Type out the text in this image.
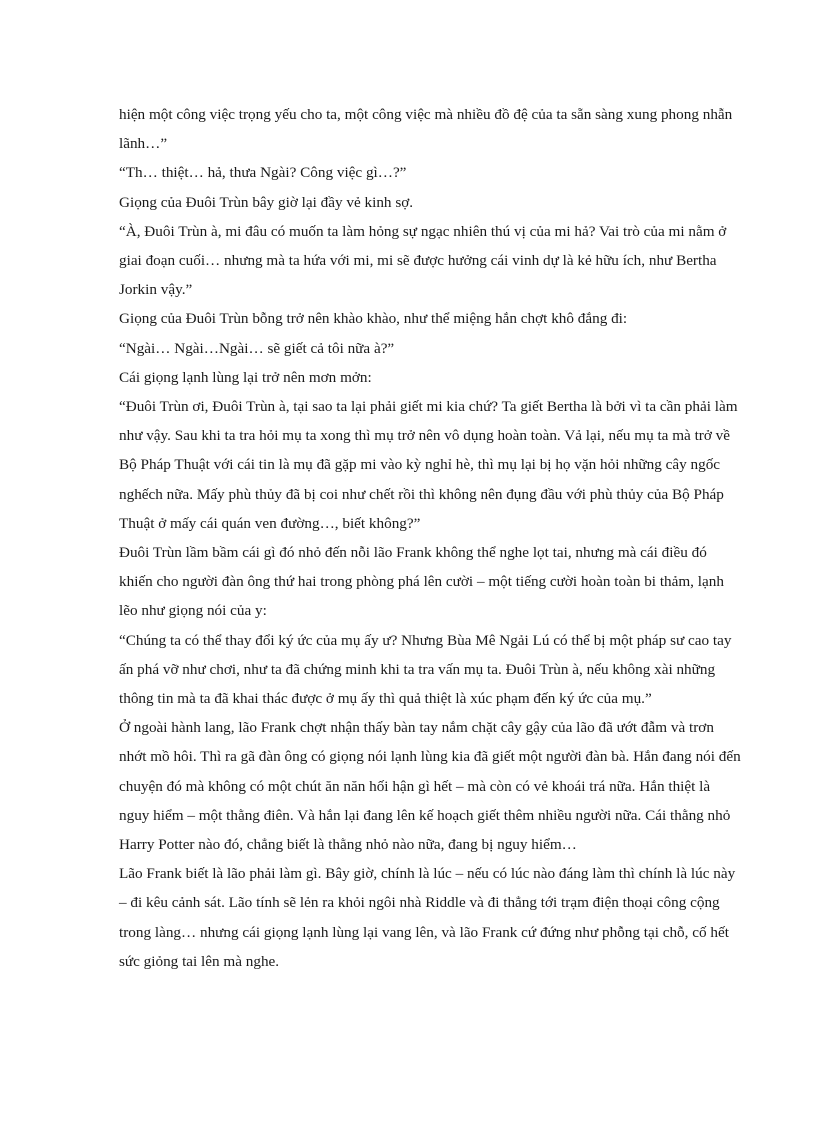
hiện một công việc trọng yếu cho ta, một công việc mà nhiều đồ đệ của ta sẵn sàng xung phong nhẫn lãnh…”

“Th… thiệt… hả, thưa Ngài? Công việc gì…?”

Giọng của Đuôi Trùn bây giờ lại đầy vẻ kinh sợ.

“À, Đuôi Trùn à, mi đâu có muốn ta làm hỏng sự ngạc nhiên thú vị của mi hả? Vai trò của mi nằm ở giai đoạn cuối… nhưng mà ta hứa với mi, mi sẽ được hưởng cái vinh dự là kẻ hữu ích, như Bertha Jorkin vậy.”

Giọng của Đuôi Trùn bỗng trở nên khào khào, như thể miệng hắn chợt khô đắng đi:

“Ngài… Ngài…Ngài… sẽ giết cả tôi nữa à?”

Cái giọng lạnh lùng lại trở nên mơn mởn:

“Đuôi Trùn ơi, Đuôi Trùn à, tại sao ta lại phải giết mi kia chứ? Ta giết Bertha là bởi vì ta cần phải làm như vậy. Sau khi ta tra hỏi mụ ta xong thì mụ trở nên vô dụng hoàn toàn. Vả lại, nếu mụ ta mà trở về Bộ Pháp Thuật với cái tin là mụ đã gặp mi vào kỳ nghỉ hè, thì mụ lại bị họ vặn hỏi những cây ngốc nghếch nữa. Mấy phù thủy đã bị coi như chết rồi thì không nên đụng đầu với phù thủy của Bộ Pháp Thuật ở mấy cái quán ven đường…, biết không?”

Đuôi Trùn lầm bầm cái gì đó nhỏ đến nỗi lão Frank không thể nghe lọt tai, nhưng mà cái điều đó khiến cho người đàn ông thứ hai trong phòng phá lên cười – một tiếng cười hoàn toàn bi thảm, lạnh lẽo như giọng nói của y:

“Chúng ta có thể thay đổi ký ức của mụ ấy ư? Nhưng Bùa Mê Ngải Lú có thể bị một pháp sư cao tay ấn phá vỡ như chơi, như ta đã chứng minh khi ta tra vấn mụ ta. Đuôi Trùn à, nếu không xài những thông tin mà ta đã khai thác được ở mụ ấy thì quả thiệt là xúc phạm đến ký ức của mụ.”

Ở ngoài hành lang, lão Frank chợt nhận thấy bàn tay nắm chặt cây gậy của lão đã ướt đẫm và trơn nhớt mồ hôi. Thì ra gã đàn ông có giọng nói lạnh lùng kia đã giết một người đàn bà. Hắn đang nói đến chuyện đó mà không có một chút ăn năn hối hận gì hết – mà còn có vẻ khoái trá nữa. Hắn thiệt là nguy hiểm – một thằng điên. Và hắn lại đang lên kế hoạch giết thêm nhiều người nữa. Cái thằng nhỏ Harry Potter nào đó, chẳng biết là thằng nhỏ nào nữa, đang bị nguy hiểm…

Lão Frank biết là lão phải làm gì. Bây giờ, chính là lúc – nếu có lúc nào đáng làm thì chính là lúc này – đi kêu cảnh sát. Lão tính sẽ lẻn ra khỏi ngôi nhà Riddle và đi thẳng tới trạm điện thoại công cộng trong làng… nhưng cái giọng lạnh lùng lại vang lên, và lão Frank cứ đứng như phỗng tại chỗ, cố hết sức giỏng tai lên mà nghe.
